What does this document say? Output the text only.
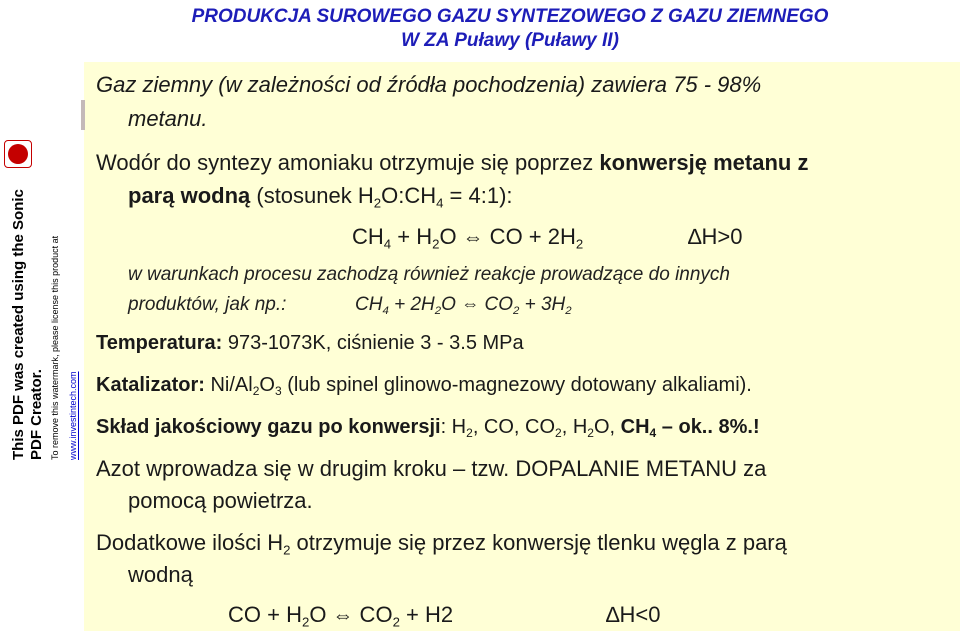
PRODUKCJA SUROWEGO GAZU SYNTEZOWEGO Z GAZU ZIEMNEGO
W ZA Puławy (Puławy II)
This PDF was created using the Sonic PDF Creator. To remove this watermark, please license this product at www.investintech.com
Gaz ziemny (w zależności od źródła pochodzenia) zawiera 75 - 98%
metanu.
Wodór do syntezy amoniaku otrzymuje się poprzez konwersję metanu z
parą wodną (stosunek $H_2O:CH_4$ = 4:1):
$CH_4 + H_2O$ ⇔ CO + $2H_2$	∆H>0
w warunkach procesu zachodzą również reakcje prowadzące do innych
produktów, jak np.:	$CH_4 + 2H_2O$ ⇔ $CO_2 + 3H_2$
Temperatura: 973-1073K, ciśnienie 3 - 3.5 MPa
Katalizator: $Ni/Al_2O_3$ (lub spinel glinowo-magnezowy dotowany alkaliami).
Skład jakościowy gazu po konwersji: $H_2$, CO, $CO_2$, $H_2O$, $CH_4$ – ok.. 8%.!
Azot wprowadza się w drugim kroku – tzw. DOPALANIE METANU za
pomocą powietrza.
Dodatkowe ilości $H_2$ otrzymuje się przez konwersję tlenku węgla z parą
wodną
CO + $H_2O$ ⇔ $CO_2 + H2$	∆H<0
